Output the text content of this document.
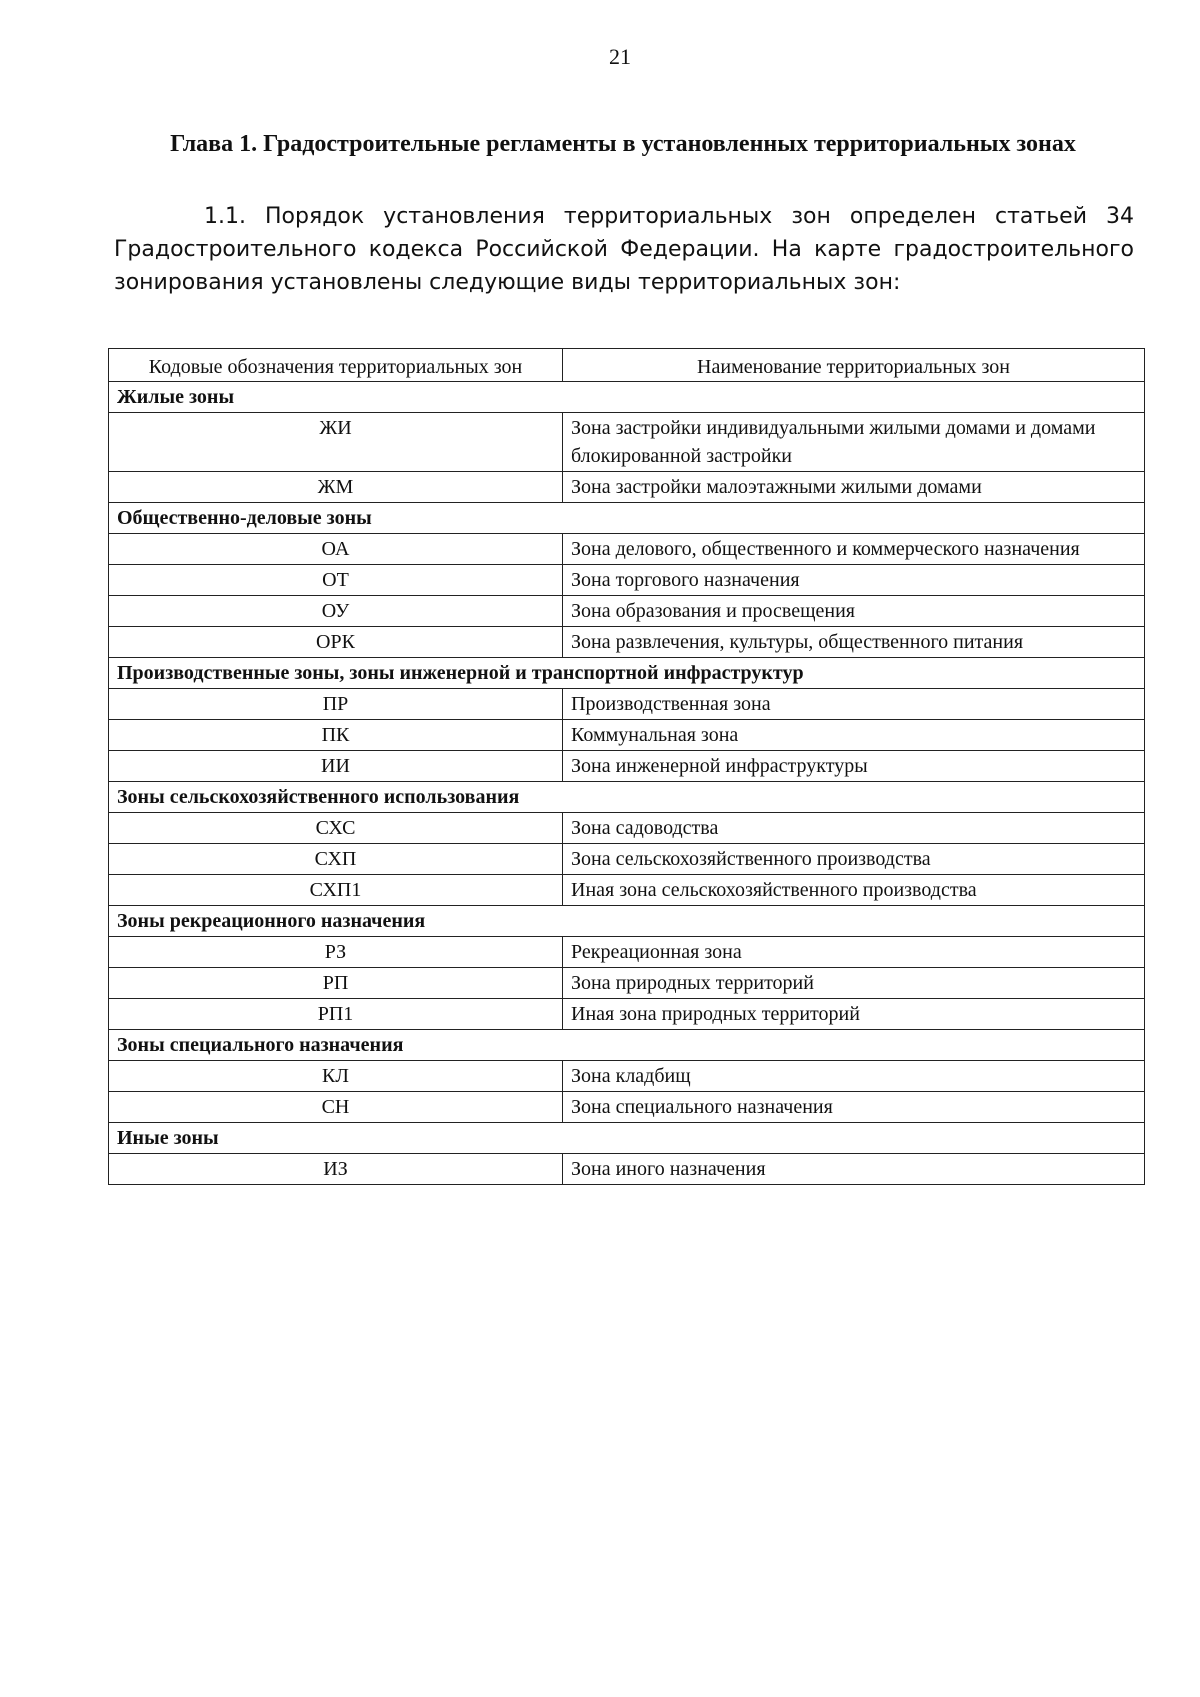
21
Глава 1. Градостроительные регламенты в установленных территориальных зонах

1.1. Порядок установления территориальных зон определен статьей 34 Градостроительного кодекса Российской Федерации. На карте градостроительного зонирования установлены следующие виды территориальных зон:

Кодовые обозначения территориальных зон	Наименование территориальных зон
Жилые зоны	
ЖИ	Зона застройки индивидуальными жилыми домами и домами блокированной застройки
ЖМ	Зона застройки малоэтажными жилыми домами
Общественно-деловые зоны	
ОА	Зона делового, общественного и коммерческого назначения
ОТ	Зона торгового назначения
ОУ	Зона образования и просвещения
ОРК	Зона развлечения, культуры, общественного питания
Производственные зоны, зоны инженерной и транспортной инфраструктур	
ПР	Производственная зона
ПК	Коммунальная зона
ИИ	Зона инженерной инфраструктуры
Зоны сельскохозяйственного использования	
СХС	Зона садоводства
СХП	Зона сельскохозяйственного производства
СХП1	Иная зона сельскохозяйственного производства
Зоны рекреационного назначения	
РЗ	Рекреационная зона
РП	Зона природных территорий
РП1	Иная зона природных территорий
Зоны специального назначения	
КЛ	Зона кладбищ
СН	Зона специального назначения
Иные зоны	
ИЗ	Зона иного назначения
